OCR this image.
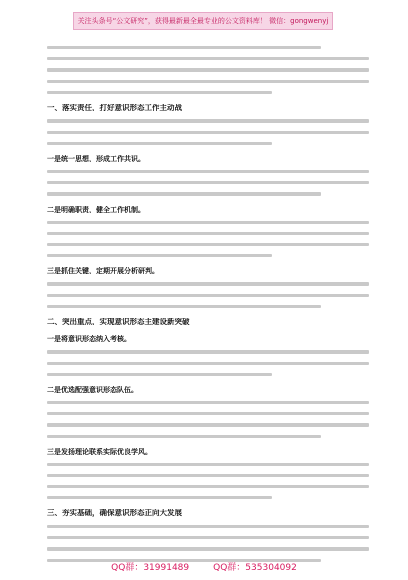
关注头条号“公文研究”，获得最新最全最专业的公文资料库！ 微信：gongwenyj
一、落实责任，打好意识形态工作主动战
一是统一思想，形成工作共识。
二是明确职责，健全工作机制。
三是抓住关键，定期开展分析研判。
二、突出重点，实现意识形态主建设新突破
一是将意识形态纳入考核。
二是优选配强意识形态队伍。
三是发扬理论联系实际优良学风。
三、夯实基础，确保意识形态正向大发展
QQ群：31991489	QQ群：535304092
